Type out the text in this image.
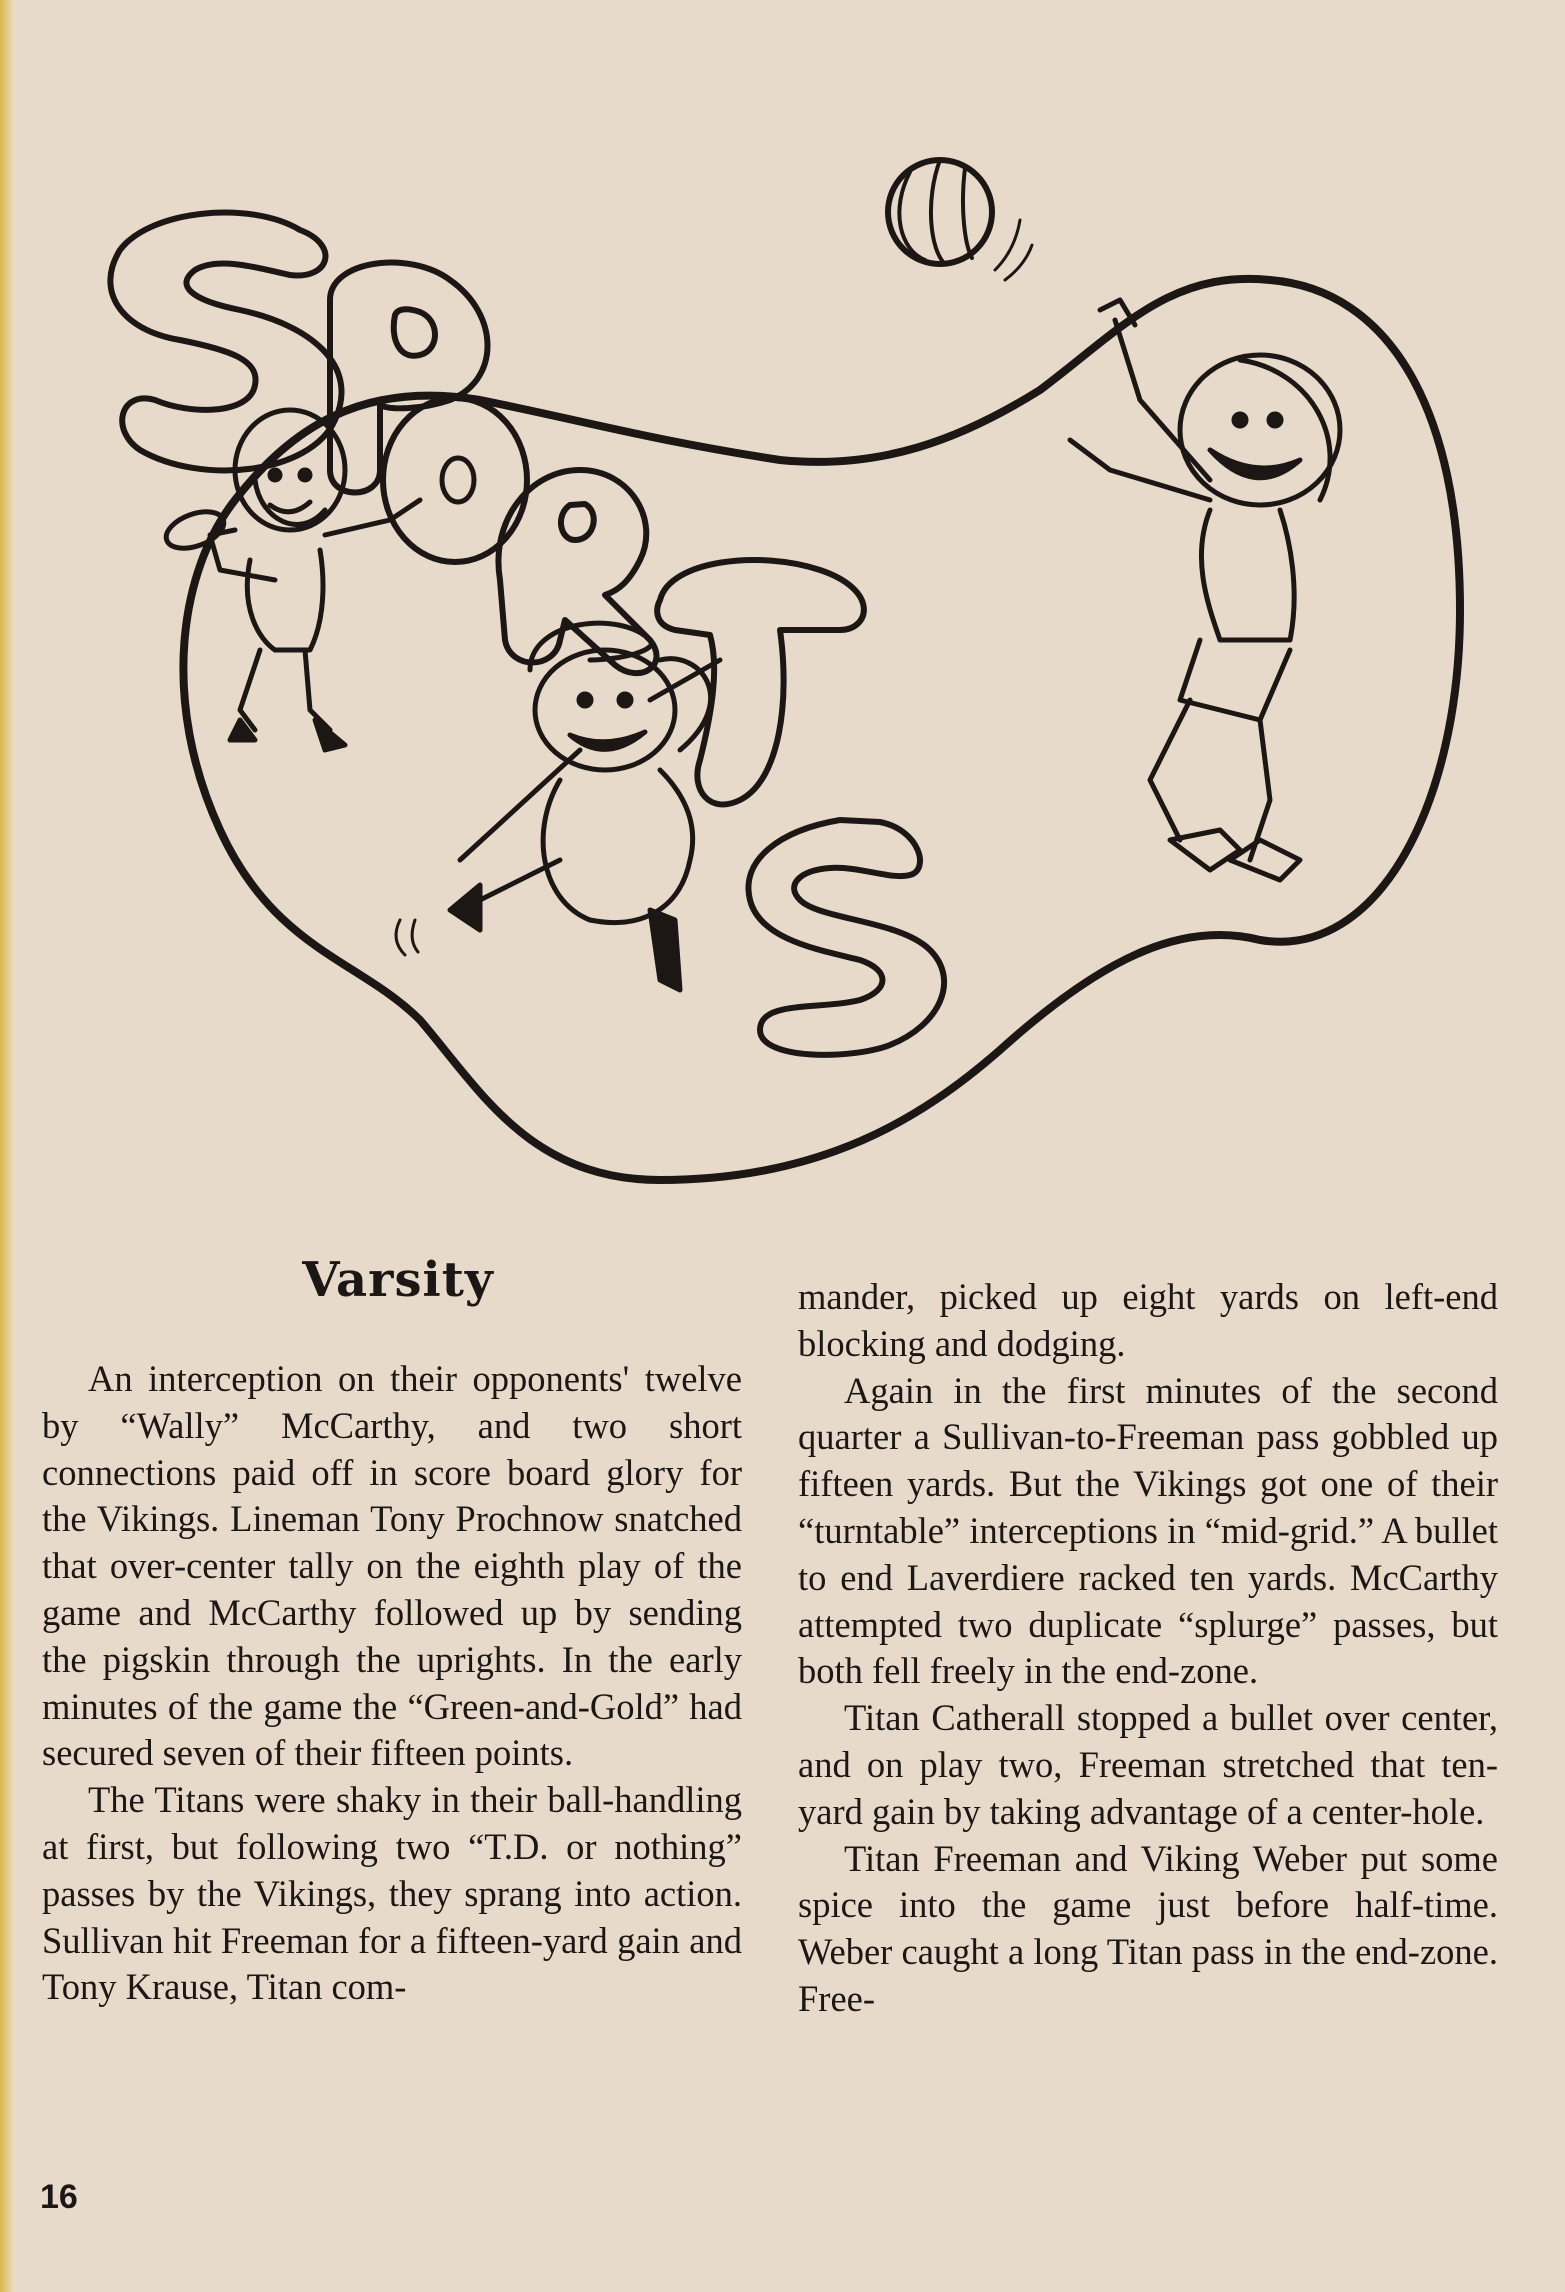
Varsity

An interception on their opponents' twelve by “Wally” McCarthy, and two short connections paid off in score board glory for the Vikings. Lineman Tony Prochnow snatched that over-center tally on the eighth play of the game and McCarthy followed up by sending the pigskin through the uprights. In the early minutes of the game the “Green-and-Gold” had secured seven of their fifteen points.

The Titans were shaky in their ball-handling at first, but following two “T.D. or nothing” passes by the Vikings, they sprang into action. Sullivan hit Freeman for a fifteen-yard gain and Tony Krause, Titan com-

mander, picked up eight yards on left-end blocking and dodging.

Again in the first minutes of the second quarter a Sullivan-to-Freeman pass gobbled up fifteen yards. But the Vikings got one of their “turntable” interceptions in “mid-grid.” A bullet to end Laverdiere racked ten yards. McCarthy attempted two duplicate “splurge” passes, but both fell freely in the end-zone.

Titan Catherall stopped a bullet over center, and on play two, Freeman stretched that ten-yard gain by taking advantage of a center-hole.

Titan Freeman and Viking Weber put some spice into the game just before half-time. Weber caught a long Titan pass in the end-zone. Free-

16
